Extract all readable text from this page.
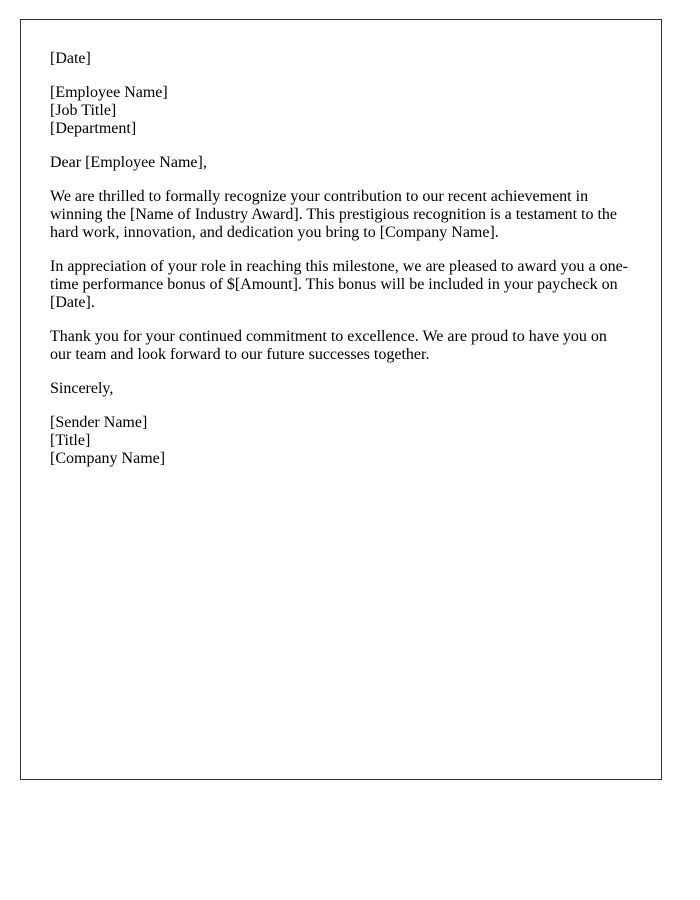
[Date]

[Employee Name]
[Job Title]
[Department]

Dear [Employee Name],

We are thrilled to formally recognize your contribution to our recent achievement in winning the [Name of Industry Award]. This prestigious recognition is a testament to the hard work, innovation, and dedication you bring to [Company Name].

In appreciation of your role in reaching this milestone, we are pleased to award you a one-time performance bonus of $[Amount]. This bonus will be included in your paycheck on [Date].

Thank you for your continued commitment to excellence. We are proud to have you on our team and look forward to our future successes together.

Sincerely,

[Sender Name]
[Title]
[Company Name]
